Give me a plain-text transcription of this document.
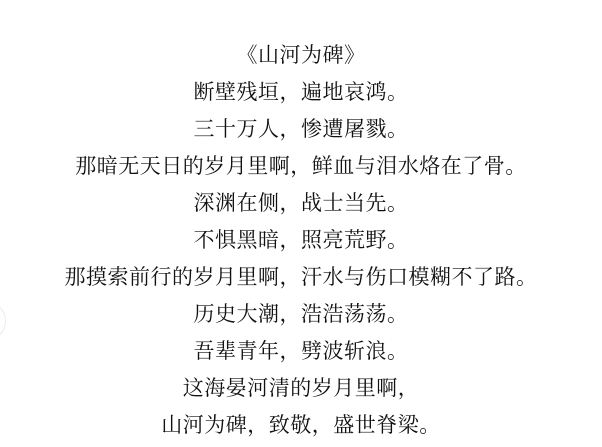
《山河为碑》
断壁残垣，遍地哀鸿。
三十万人，惨遭屠戮。
那暗无天日的岁月里啊，鲜血与泪水烙在了骨。
深渊在侧，战士当先。
不惧黑暗，照亮荒野。
那摸索前行的岁月里啊，汗水与伤口模糊不了路。
历史大潮，浩浩荡荡。
吾辈青年，劈波斩浪。
这海晏河清的岁月里啊，
山河为碑，致敬，盛世脊梁。
